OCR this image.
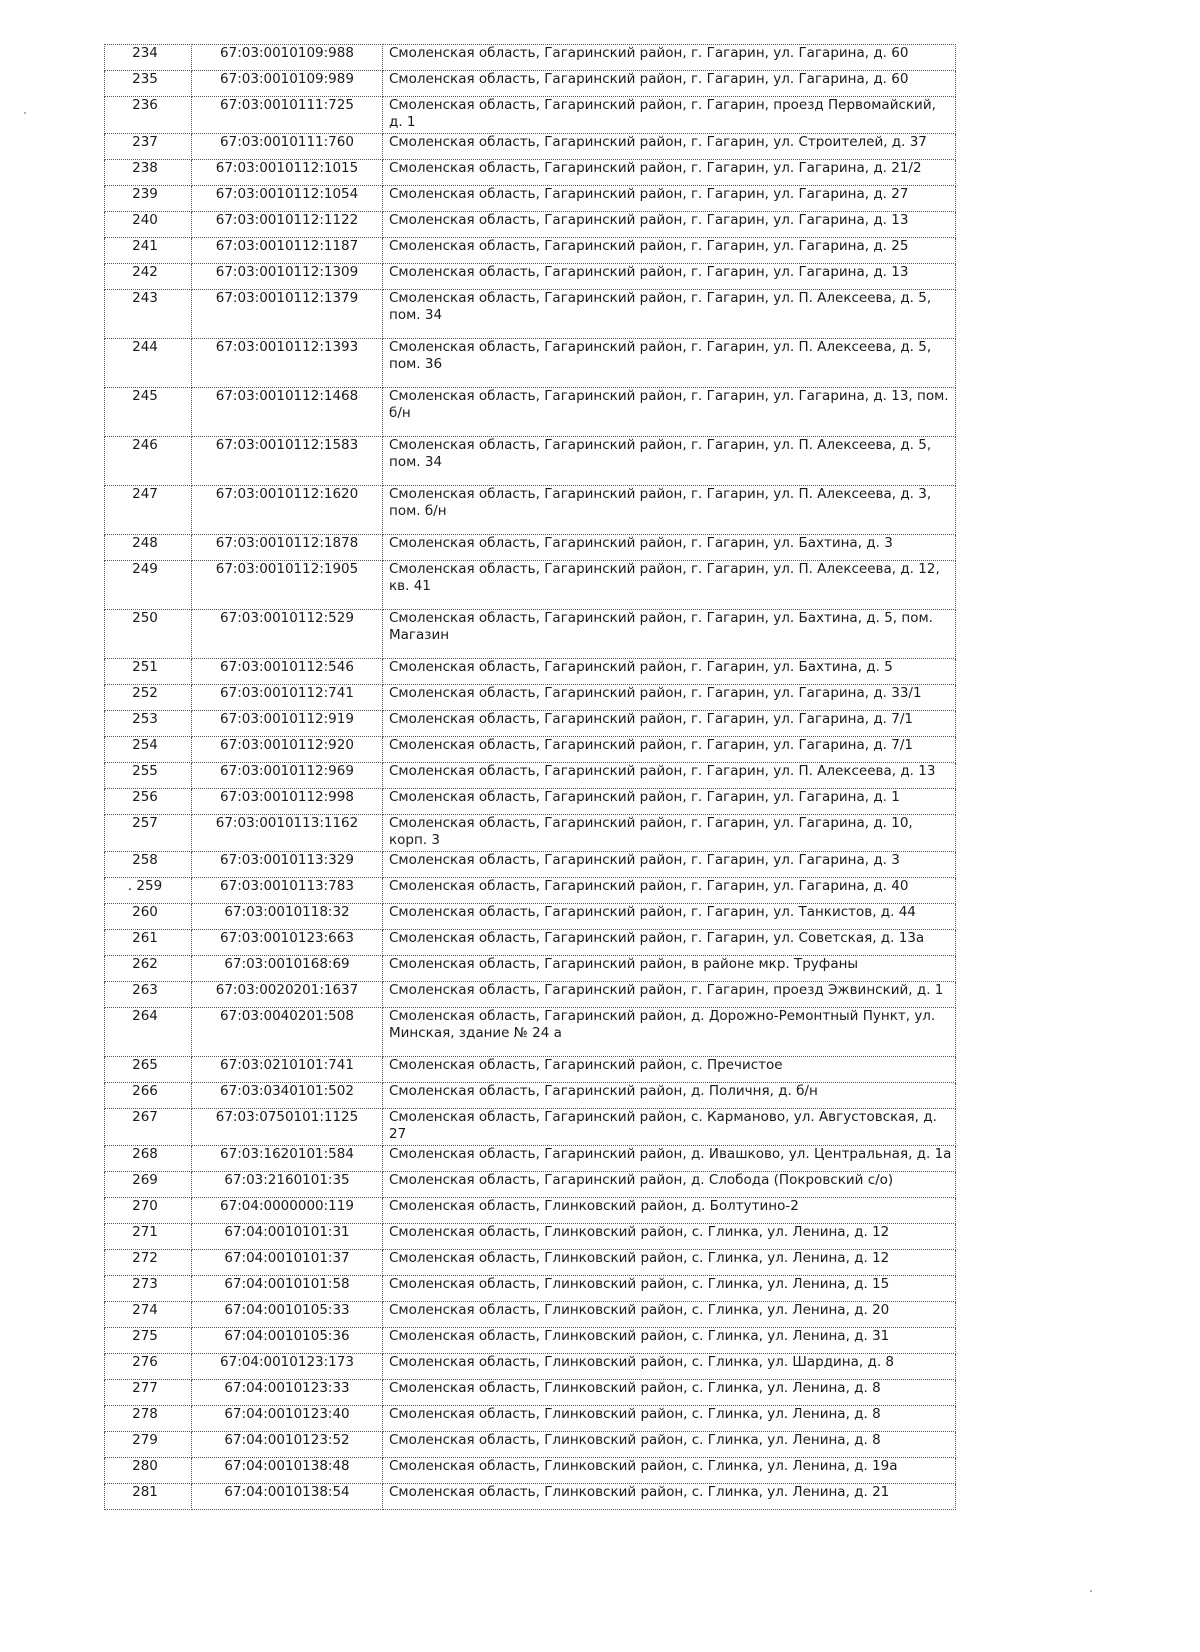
234	67:03:0010109:988	Смоленская область, Гагаринский район, г. Гагарин, ул. Гагарина, д. 60
235	67:03:0010109:989	Смоленская область, Гагаринский район, г. Гагарин, ул. Гагарина, д. 60
236	67:03:0010111:725	Смоленская область, Гагаринский район, г. Гагарин, проезд Первомайский, д. 1
237	67:03:0010111:760	Смоленская область, Гагаринский район, г. Гагарин, ул. Строителей, д. 37
238	67:03:0010112:1015	Смоленская область, Гагаринский район, г. Гагарин, ул. Гагарина, д. 21/2
239	67:03:0010112:1054	Смоленская область, Гагаринский район, г. Гагарин, ул. Гагарина, д. 27
240	67:03:0010112:1122	Смоленская область, Гагаринский район, г. Гагарин, ул. Гагарина, д. 13
241	67:03:0010112:1187	Смоленская область, Гагаринский район, г. Гагарин, ул. Гагарина, д. 25
242	67:03:0010112:1309	Смоленская область, Гагаринский район, г. Гагарин, ул. Гагарина, д. 13
243	67:03:0010112:1379	Смоленская область, Гагаринский район, г. Гагарин, ул. П. Алексеева, д. 5, пом. 34
244	67:03:0010112:1393	Смоленская область, Гагаринский район, г. Гагарин, ул. П. Алексеева, д. 5, пом. 36
245	67:03:0010112:1468	Смоленская область, Гагаринский район, г. Гагарин, ул. Гагарина, д. 13, пом. б/н
246	67:03:0010112:1583	Смоленская область, Гагаринский район, г. Гагарин, ул. П. Алексеева, д. 5, пом. 34
247	67:03:0010112:1620	Смоленская область, Гагаринский район, г. Гагарин, ул. П. Алексеева, д. 3, пом. б/н
248	67:03:0010112:1878	Смоленская область, Гагаринский район, г. Гагарин, ул. Бахтина, д. 3
249	67:03:0010112:1905	Смоленская область, Гагаринский район, г. Гагарин, ул. П. Алексеева, д. 12, кв. 41
250	67:03:0010112:529	Смоленская область, Гагаринский район, г. Гагарин, ул. Бахтина, д. 5, пом. Магазин
251	67:03:0010112:546	Смоленская область, Гагаринский район, г. Гагарин, ул. Бахтина, д. 5
252	67:03:0010112:741	Смоленская область, Гагаринский район, г. Гагарин, ул. Гагарина, д. 33/1
253	67:03:0010112:919	Смоленская область, Гагаринский район, г. Гагарин, ул. Гагарина, д. 7/1
254	67:03:0010112:920	Смоленская область, Гагаринский район, г. Гагарин, ул. Гагарина, д. 7/1
255	67:03:0010112:969	Смоленская область, Гагаринский район, г. Гагарин, ул. П. Алексеева, д. 13
256	67:03:0010112:998	Смоленская область, Гагаринский район, г. Гагарин, ул. Гагарина, д. 1
257	67:03:0010113:1162	Смоленская область, Гагаринский район, г. Гагарин, ул. Гагарина, д. 10, корп. 3
258	67:03:0010113:329	Смоленская область, Гагаринский район, г. Гагарин, ул. Гагарина, д. 3
. 259	67:03:0010113:783	Смоленская область, Гагаринский район, г. Гагарин, ул. Гагарина, д. 40
260	67:03:0010118:32	Смоленская область, Гагаринский район, г. Гагарин, ул. Танкистов, д. 44
261	67:03:0010123:663	Смоленская область, Гагаринский район, г. Гагарин, ул. Советская, д. 13а
262	67:03:0010168:69	Смоленская область, Гагаринский район, в районе мкр. Труфаны
263	67:03:0020201:1637	Смоленская область, Гагаринский район, г. Гагарин, проезд Эжвинский, д. 1
264	67:03:0040201:508	Смоленская область, Гагаринский район, д. Дорожно-Ремонтный Пункт, ул. Минская, здание № 24 а
265	67:03:0210101:741	Смоленская область, Гагаринский район, с. Пречистое
266	67:03:0340101:502	Смоленская область, Гагаринский район, д. Поличня, д. б/н
267	67:03:0750101:1125	Смоленская область, Гагаринский район, с. Карманово, ул. Августовская, д. 27
268	67:03:1620101:584	Смоленская область, Гагаринский район, д. Ивашково, ул. Центральная, д. 1а
269	67:03:2160101:35	Смоленская область, Гагаринский район, д. Слобода (Покровский с/о)
270	67:04:0000000:119	Смоленская область, Глинковский район, д. Болтутино-2
271	67:04:0010101:31	Смоленская область, Глинковский район, с. Глинка, ул. Ленина, д. 12
272	67:04:0010101:37	Смоленская область, Глинковский район, с. Глинка, ул. Ленина, д. 12
273	67:04:0010101:58	Смоленская область, Глинковский район, с. Глинка, ул. Ленина, д. 15
274	67:04:0010105:33	Смоленская область, Глинковский район, с. Глинка, ул. Ленина, д. 20
275	67:04:0010105:36	Смоленская область, Глинковский район, с. Глинка, ул. Ленина, д. 31
276	67:04:0010123:173	Смоленская область, Глинковский район, с. Глинка, ул. Шардина, д. 8
277	67:04:0010123:33	Смоленская область, Глинковский район, с. Глинка, ул. Ленина, д. 8
278	67:04:0010123:40	Смоленская область, Глинковский район, с. Глинка, ул. Ленина, д. 8
279	67:04:0010123:52	Смоленская область, Глинковский район, с. Глинка, ул. Ленина, д. 8
280	67:04:0010138:48	Смоленская область, Глинковский район, с. Глинка, ул. Ленина, д. 19а
281	67:04:0010138:54	Смоленская область, Глинковский район, с. Глинка, ул. Ленина, д. 21
